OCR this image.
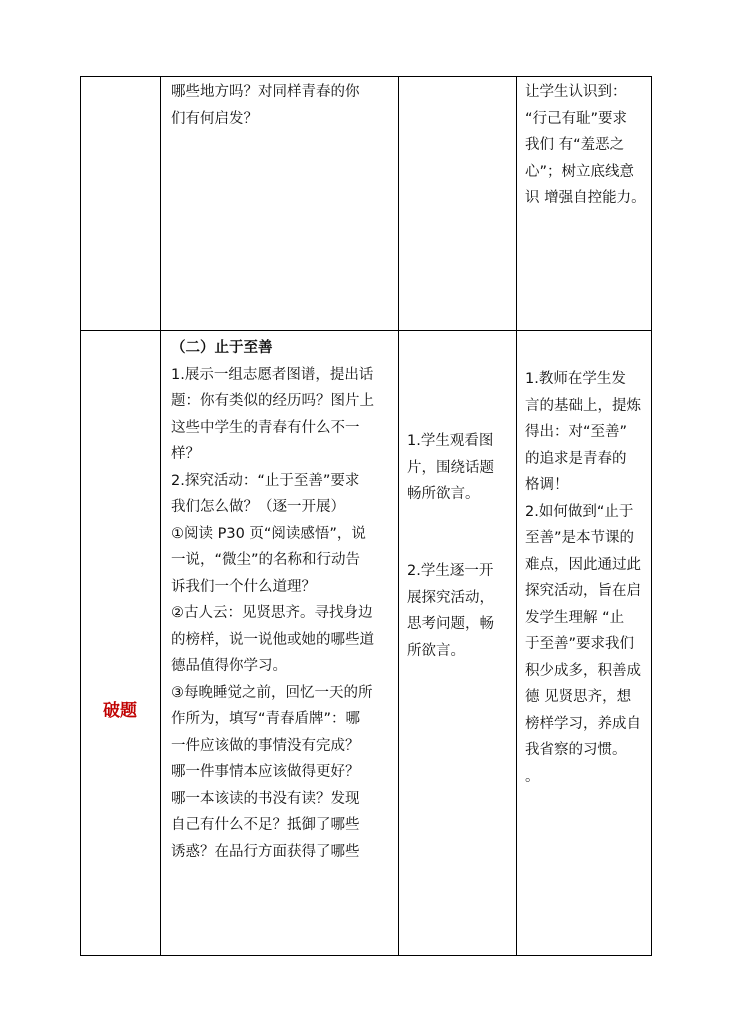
哪些地方吗？对同样青春的你

们有何启发？

让学生认识到：

“行己有耻”要求

我们 有“羞恶之

心”；树立底线意

识 增强自控能力。

破题

（二）止于至善

1.展示一组志愿者图谱，提出话

题：你有类似的经历吗？图片上

这些中学生的青春有什么不一

样？

2.探究活动：“止于至善”要求

我们怎么做？（逐一开展）

①阅读 P30 页“阅读感悟”，说

一说，“微尘”的名称和行动告

诉我们一个什么道理？

②古人云：见贤思齐。寻找身边

的榜样，说一说他或她的哪些道

德品值得你学习。

③每晚睡觉之前，回忆一天的所

作所为，填写“青春盾牌”：哪

一件应该做的事情没有完成？

哪一件事情本应该做得更好？

哪一本该读的书没有读？发现

自己有什么不足？抵御了哪些

诱惑？在品行方面获得了哪些

1.学生观看图

片，围绕话题

畅所欲言。

2.学生逐一开

展探究活动，

思考问题，畅

所欲言。

1.教师在学生发

言的基础上，提炼

得出：对“至善”

的追求是青春的

格调！

2.如何做到“止于

至善”是本节课的

难点，因此通过此

探究活动，旨在启

发学生理解 “止

于至善”要求我们

积少成多，积善成

德 见贤思齐，想

榜样学习，养成自

我省察的习惯。

。
